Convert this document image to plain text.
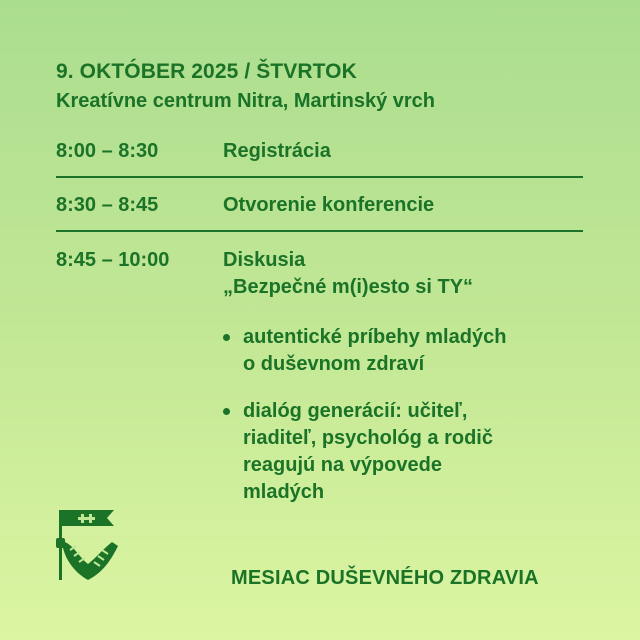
9. OKTÓBER 2025 / ŠTVRTOK
Kreatívne centrum Nitra, Martinský vrch
8:00 – 8:30	Registrácia
8:30 – 8:45	Otvorenie konferencie
8:45 – 10:00	Diskusia
„Bezpečné m(i)esto si TY“
autentické príbehy mladých
o duševnom zdraví
dialóg generácií: učiteľ,
riaditeľ, psychológ a rodič
reagujú na výpovede
mladých
MESIAC DUŠEVNÉHO ZDRAVIA
